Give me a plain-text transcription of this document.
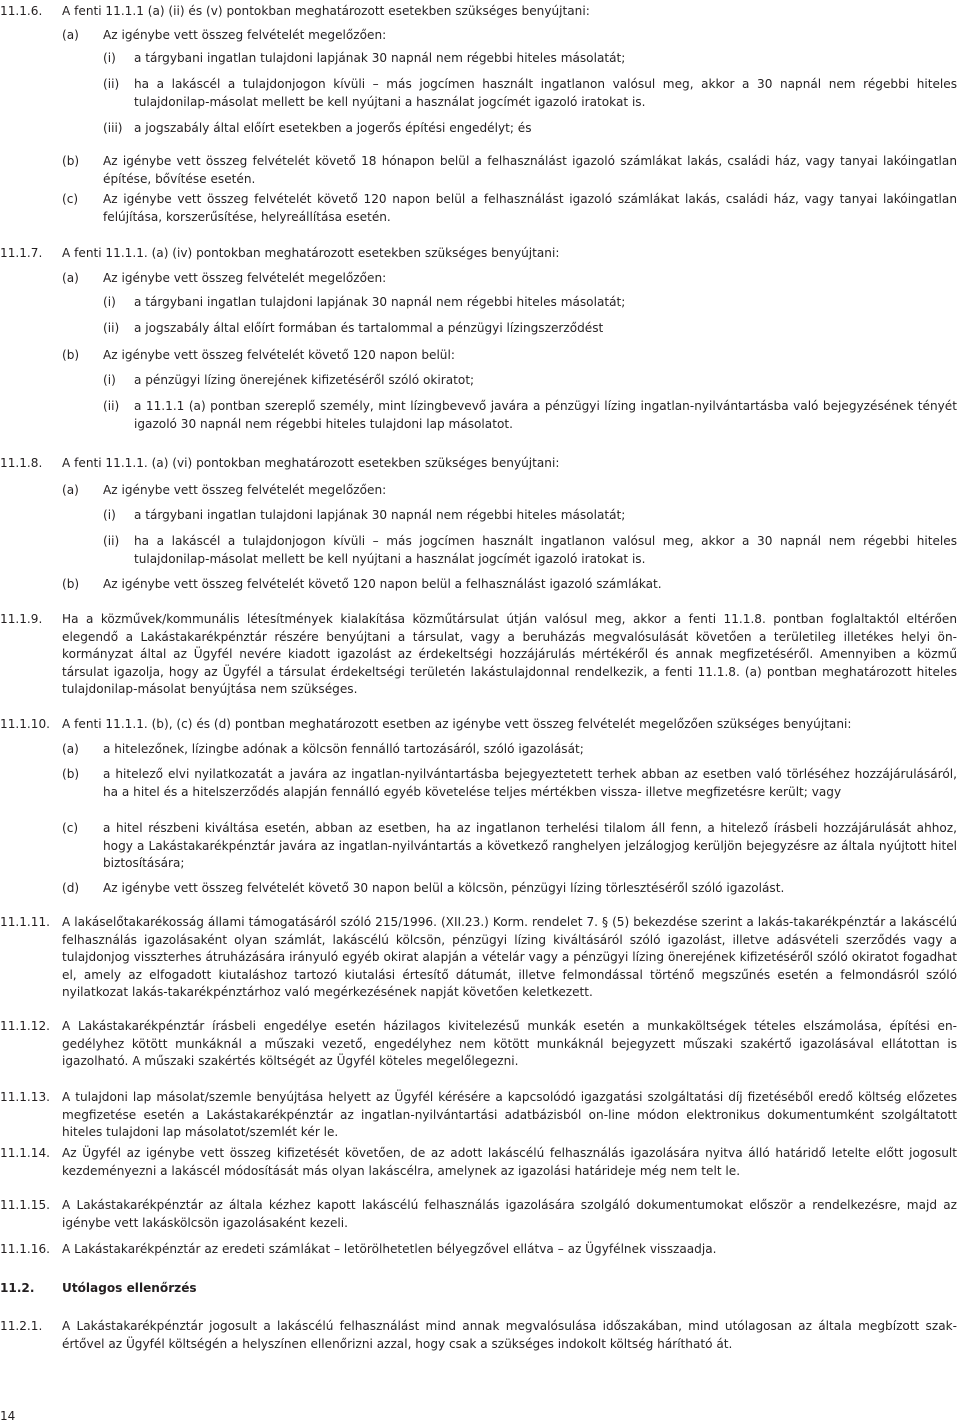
11.1.6.	A fenti 11.1.1 (a) (ii) és (v) pontokban meghatározott esetekben szükséges benyújtani:
(a) Az igénybe vett összeg felvételét megelőzően:
(i) a tárgybani ingatlan tulajdoni lapjának 30 napnál nem régebbi hiteles másolatát;
(ii) ha a lakáscél a tulajdonjogon kívüli – más jogcímen használt ingatlanon valósul meg, akkor a 30 napnál nem régebbi hiteles tulajdonilap-másolat mellett be kell nyújtani a használat jogcímét igazoló iratokat is.
(iii) a jogszabály által előírt esetekben a jogerős építési engedélyt; és
(b) Az igénybe vett összeg felvételét követő 18 hónapon belül a felhasználást igazoló számlákat lakás, családi ház, vagy tanyai lakóingatlan építése, bővítése esetén.
(c) Az igénybe vett összeg felvételét követő 120 napon belül a felhasználást igazoló számlákat lakás, családi ház, vagy tanyai lakóingatlan felújítása, korszerűsítése, helyreállítása esetén.
11.1.7.	A fenti 11.1.1. (a) (iv) pontokban meghatározott esetekben szükséges benyújtani:
(a) Az igénybe vett összeg felvételét megelőzően:
(i) a tárgybani ingatlan tulajdoni lapjának 30 napnál nem régebbi hiteles másolatát;
(ii) a jogszabály által előírt formában és tartalommal a pénzügyi lízingszerződést
(b) Az igénybe vett összeg felvételét követő 120 napon belül:
(i) a pénzügyi lízing önerejének kifizetéséről szóló okiratot;
(ii) a 11.1.1 (a) pontban szereplő személy, mint lízingbevevő javára a pénzügyi lízing ingatlan-nyilvántartásba való bejegyzésének tényét igazoló 30 napnál nem régebbi hiteles tulajdoni lap másolatot.
11.1.8.	A fenti 11.1.1. (a) (vi) pontokban meghatározott esetekben szükséges benyújtani:
(a) Az igénybe vett összeg felvételét megelőzően:
(i) a tárgybani ingatlan tulajdoni lapjának 30 napnál nem régebbi hiteles másolatát;
(ii) ha a lakáscél a tulajdonjogon kívüli – más jogcímen használt ingatlanon valósul meg, akkor a 30 napnál nem régebbi hiteles tulajdonilap-másolat mellett be kell nyújtani a használat jogcímét igazoló iratokat is.
(b) Az igénybe vett összeg felvételét követő 120 napon belül a felhasználást igazoló számlákat.
11.1.9.	Ha a közművek/kommunális létesítmények kialakítása közműtársulat útján valósul meg, akkor a fenti 11.1.8. pontban foglaltaktól eltérően elegendő a Lakástakarékpénztár részére benyújtani a társulat, vagy a beruházás megvalósulását követően a területileg illetékes helyi önkormányzat által az Ügyfél nevére kiadott igazolást az érdekeltségi hozzájárulás mértékéről és annak megfizetéséről. Amennyiben a közmű társulat igazolja, hogy az Ügyfél a társulat érdekeltségi területén lakástulajdonnal rendelkezik, a fenti 11.1.8. (a) pontban meghatározott hiteles tulajdonilap-másolat benyújtása nem szükséges.
11.1.10. A fenti 11.1.1. (b), (c) és (d) pontban meghatározott esetben az igénybe vett összeg felvételét megelőzően szükséges benyújtani:
(a) a hitelezőnek, lízingbe adónak a kölcsön fennálló tartozásáról, szóló igazolását;
(b) a hitelező elvi nyilatkozatát a javára az ingatlan-nyilvántartásba bejegyeztetett terhek abban az esetben való törléséhez hozzájárulásáról, ha a hitel és a hitelszerződés alapján fennálló egyéb követelése teljes mértékben vissza- illetve megfizetésre került; vagy
(c) a hitel részbeni kiváltása esetén, abban az esetben, ha az ingatlanon terhelési tilalom áll fenn, a hitelező írásbeli hozzájárulását ahhoz, hogy a Lakástakarékpénztár javára az ingatlan-nyilvántartás a következő ranghelyen jelzálogjog kerüljön bejegyzésre az általa nyújtott hitel biztosítására;
(d) Az igénybe vett összeg felvételét követő 30 napon belül a kölcsön, pénzügyi lízing törlesztéséről szóló igazolást.
11.1.11. A lakáselőtakarékosság állami támogatásáról szóló 215/1996. (XII.23.) Korm. rendelet 7. § (5) bekezdése szerint a lakás-takarékpénztár a lakáscélú felhasználás igazolásaként olyan számlát, lakáscélú kölcsön, pénzügyi lízing kiváltásáról szóló igazolást, illetve adásvételi szerződés vagy a tulajdonjog visszterhes átruházására irányuló egyéb okirat alapján a vételár vagy a pénzügyi lízing önerejének kifizetéséről szóló okiratot fogadhat el, amely az elfogadott kiutaláshoz tartozó kiutalási értesítő dátumát, illetve felmondással történő megszűnés esetén a felmondásról szóló nyilatkozat lakás-takarékpénztárhoz való megérkezésének napját követően keletkezett.
11.1.12. A Lakástakarékpénztár írásbeli engedélye esetén házilagos kivitelezésű munkák esetén a munkaköltségek tételes elszámolása, építési engedélyhez kötött munkáknál a műszaki vezető, engedélyhez nem kötött munkáknál bejegyzett műszaki szakértő igazolásával ellátottan is igazolható. A műszaki szakértés költségét az Ügyfél köteles megelőlegezni.
11.1.13. A tulajdoni lap másolat/szemle benyújtása helyett az Ügyfél kérésére a kapcsolódó igazgatási szolgáltatási díj fizetéséből eredő költség előzetes megfizetése esetén a Lakástakarékpénztár az ingatlan-nyilvántartási adatbázisból on-line módon elektronikus dokumentumként szolgáltatott hiteles tulajdoni lap másolatot/szemlét kér le.
11.1.14. Az Ügyfél az igénybe vett összeg kifizetését követően, de az adott lakáscélú felhasználás igazolására nyitva álló határidő letelte előtt jogosult kezdeményezni a lakáscél módosítását más olyan lakáscélra, amelynek az igazolási határideje még nem telt le.
11.1.15. A Lakástakarékpénztár az általa kézhez kapott lakáscélú felhasználás igazolására szolgáló dokumentumokat először a rendelkezésre, majd az igénybe vett lakáskölcsön igazolásaként kezeli.
11.1.16. A Lakástakarékpénztár az eredeti számlákat – letörölhetetlen bélyegzővel ellátva – az Ügyfélnek visszaadja.
11.2.	Utólagos ellenőrzés
11.2.1.	A Lakástakarékpénztár jogosult a lakáscélú felhasználást mind annak megvalósulása időszakában, mind utólagosan az általa megbízott szakértővel az Ügyfél költségén a helyszínen ellenőrizni azzal, hogy csak a szükséges indokolt költség hárítható át.
14
